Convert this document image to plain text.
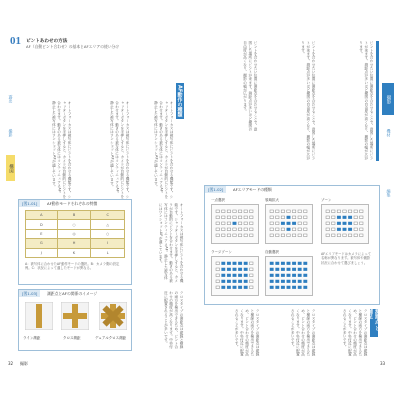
01 ピントあわせの方法
AF（自動ピント合わせ）の基本とAFエリアの使い分け
露出
撮影
構図	オートフォーカスは被写体にピントを合わせる機能です。シャッターボタンを半押しすると、カメラが自動的にピントを合わせます。動きのある被写体にはコンティニュアスAF、静止した被写体にはワンショットAFが適しています。	オートフォーカスは被写体にピントを合わせる機能です。シャッターボタンを半押しすると、カメラが自動的にピントを合わせます。動きのある被写体にはコンティニュアスAF、静止した被写体にはワンショットAFが適しています。	オートフォーカスは被写体にピントを合わせる機能です。シャッターボタンを半押しすると、カメラが自動的にピントを合わせます。動きのある被写体にはコンティニュアスAF、静止した被写体にはワンショットAFが適しています。
AF動作の種類
[図1-01]	AF動作モードそれぞれの特徴
A	B	C
D	○	△
E	◎	○
G	H	I
J	K	L
A：被写体に合わせたAF動作モードの選択。B：カメラ側の設定例。C：状況によって適したモードが異なる。	オートフォーカスは被写体にピントを合わせる機能です。シャッターボタンを半押しすると、カメラが自動的にピントを合わせます。動きのある被写体にはコンティニュアスAF、静止した被写体にはワンショットAFが適しています。
[図1-03]	測距点とAFの関係のイメージ
ライン測距	クロス測距	デュアルクロス測距	クロスタイプの測距点は縦線と横線の両方を検出できるため、ピント合わせの精度が高くなります。中央付近に配置されることが多いです。
32 撮影
撮影
機材
編集
ピントを合わせたい位置に測距点を合わせることで、意図した場所にピントが来ます。測距点が多いほど構図の自由度が高くなり、撮影の幅が広がります。
ピントを合わせたい位置に測距点を合わせることで、意図した場所にピントが来ます。測距点が多いほど構図の自由度が高くなり、撮影の幅が広がります。
ピントを合わせたい位置に測距点を合わせることで、意図した場所にピントが来ます。測距点が多いほど構図の自由度が高くなり、撮影の幅が広がります。
[図1-02]	AFエリアモードの種類
一点選択	領域拡大	ゾーン
ラージゾーン	自動選択	AFエリアモードはカメラによって名称が異なります。被写体や撮影状況に合わせて選びましょう。
測距点 と 補足
クロスタイプの測距点は縦線と横線の両方を検出できるため、ピント合わせの精度が高くなります。中央付近に配置されることが多いです。
クロスタイプの測距点は縦線と横線の両方を検出できるため、ピント合わせの精度が高くなります。中央付近に配置されることが多いです。
クロスタイプの測距点は縦線と横線の両方を検出できるため、ピント合わせの精度が高くなります。中央付近に配置されることが多いです。
33
